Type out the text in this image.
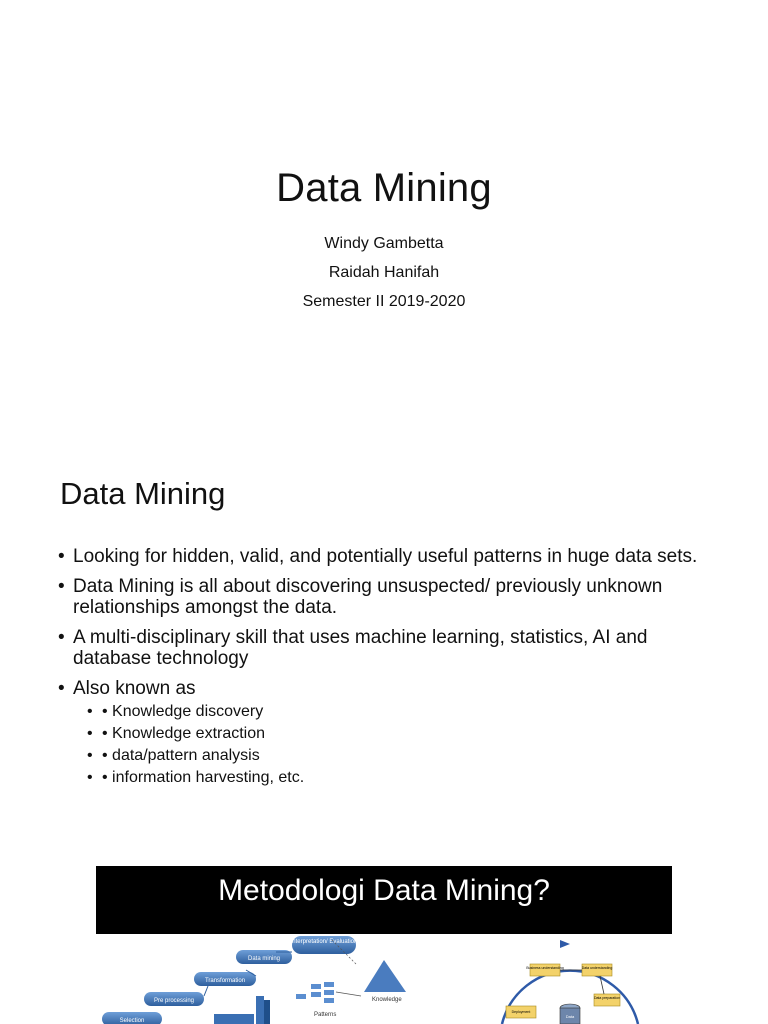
Data Mining
Windy Gambetta
Raidah Hanifah
Semester II 2019-2020
Data Mining
• Looking for hidden, valid, and potentially useful patterns in huge data sets.
• Data Mining is all about discovering unsuspected/ previously unknown relationships amongst the data.
• A multi-disciplinary skill that uses machine learning, statistics, AI and database technology
• Also known as
• • Knowledge discovery
• • Knowledge extraction
• • data/pattern analysis
• • information harvesting, etc.
Metodologi Data Mining?
Interpretation/ Evaluation
Data mining
Transformation
Pre processing
Selection
Patterns
Knowledge
Business understanding	Data understanding
Data preparation
Deployment
Data
